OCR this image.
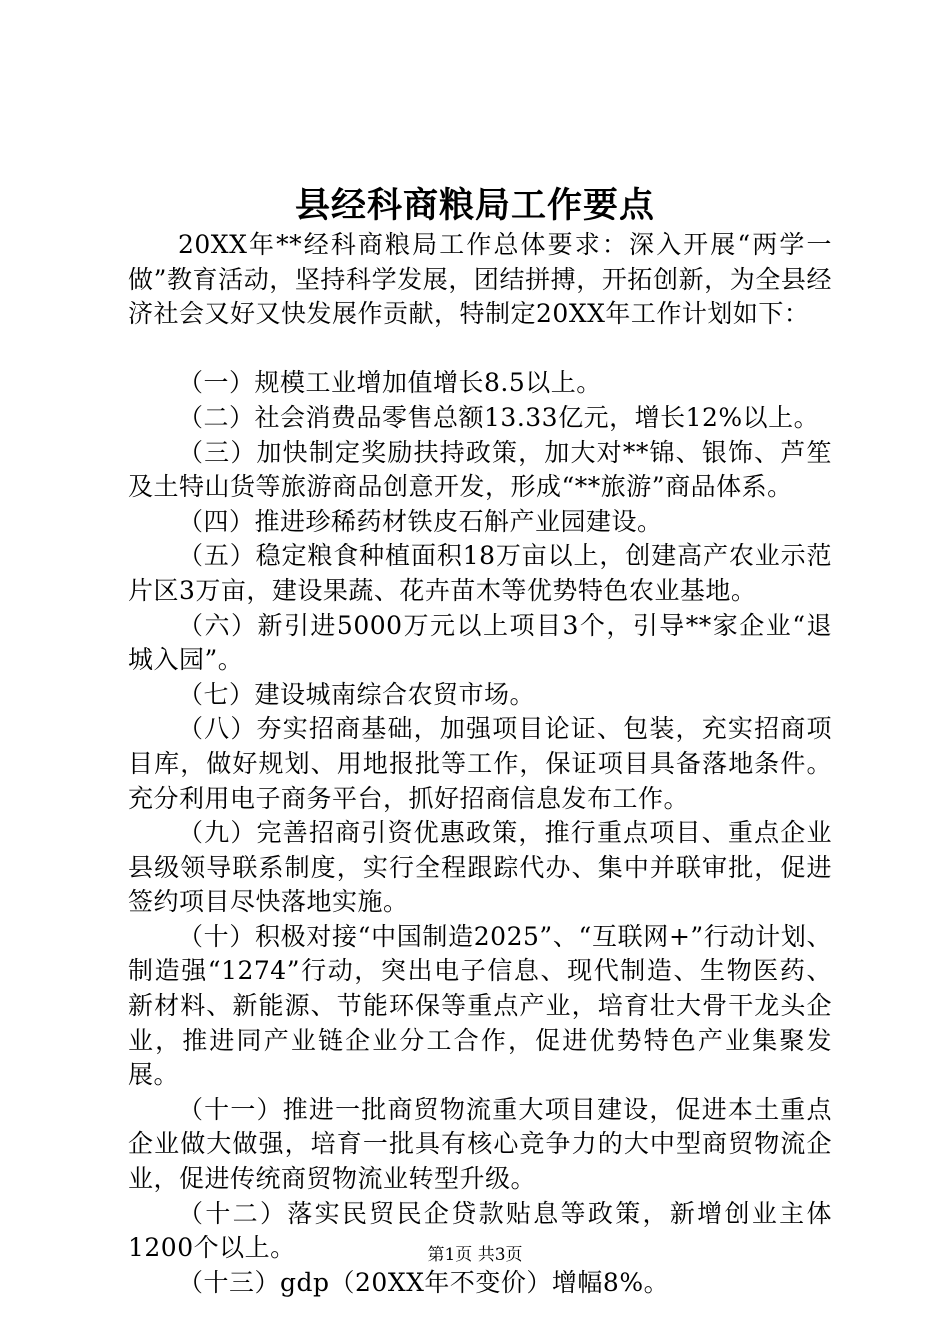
县经科商粮局工作要点

20XX年**经科商粮局工作总体要求：深入开展“两学一做”教育活动，坚持科学发展，团结拼搏，开拓创新，为全县经济社会又好又快发展作贡献，特制定20XX年工作计划如下：

（一）规模工业增加值增长8.5以上。

（二）社会消费品零售总额13.33亿元，增长12%以上。

（三）加快制定奖励扶持政策，加大对**锦、银饰、芦笙及土特山货等旅游商品创意开发，形成“**旅游”商品体系。

（四）推进珍稀药材铁皮石斛产业园建设。

（五）稳定粮食种植面积18万亩以上，创建高产农业示范片区3万亩，建设果蔬、花卉苗木等优势特色农业基地。

（六）新引进5000万元以上项目3个，引导**家企业“退城入园”。

（七）建设城南综合农贸市场。

（八）夯实招商基础，加强项目论证、包装，充实招商项目库，做好规划、用地报批等工作，保证项目具备落地条件。充分利用电子商务平台，抓好招商信息发布工作。

（九）完善招商引资优惠政策，推行重点项目、重点企业县级领导联系制度，实行全程跟踪代办、集中并联审批，促进签约项目尽快落地实施。

（十）积极对接“中国制造2025”、“互联网+”行动计划、制造强“1274”行动，突出电子信息、现代制造、生物医药、新材料、新能源、节能环保等重点产业，培育壮大骨干龙头企业，推进同产业链企业分工合作，促进优势特色产业集聚发展。

（十一）推进一批商贸物流重大项目建设，促进本土重点企业做大做强，培育一批具有核心竞争力的大中型商贸物流企业，促进传统商贸物流业转型升级。

（十二）落实民贸民企贷款贴息等政策，新增创业主体1200个以上。

（十三）gdp（20XX年不变价）增幅8%。

第1页 共3页
